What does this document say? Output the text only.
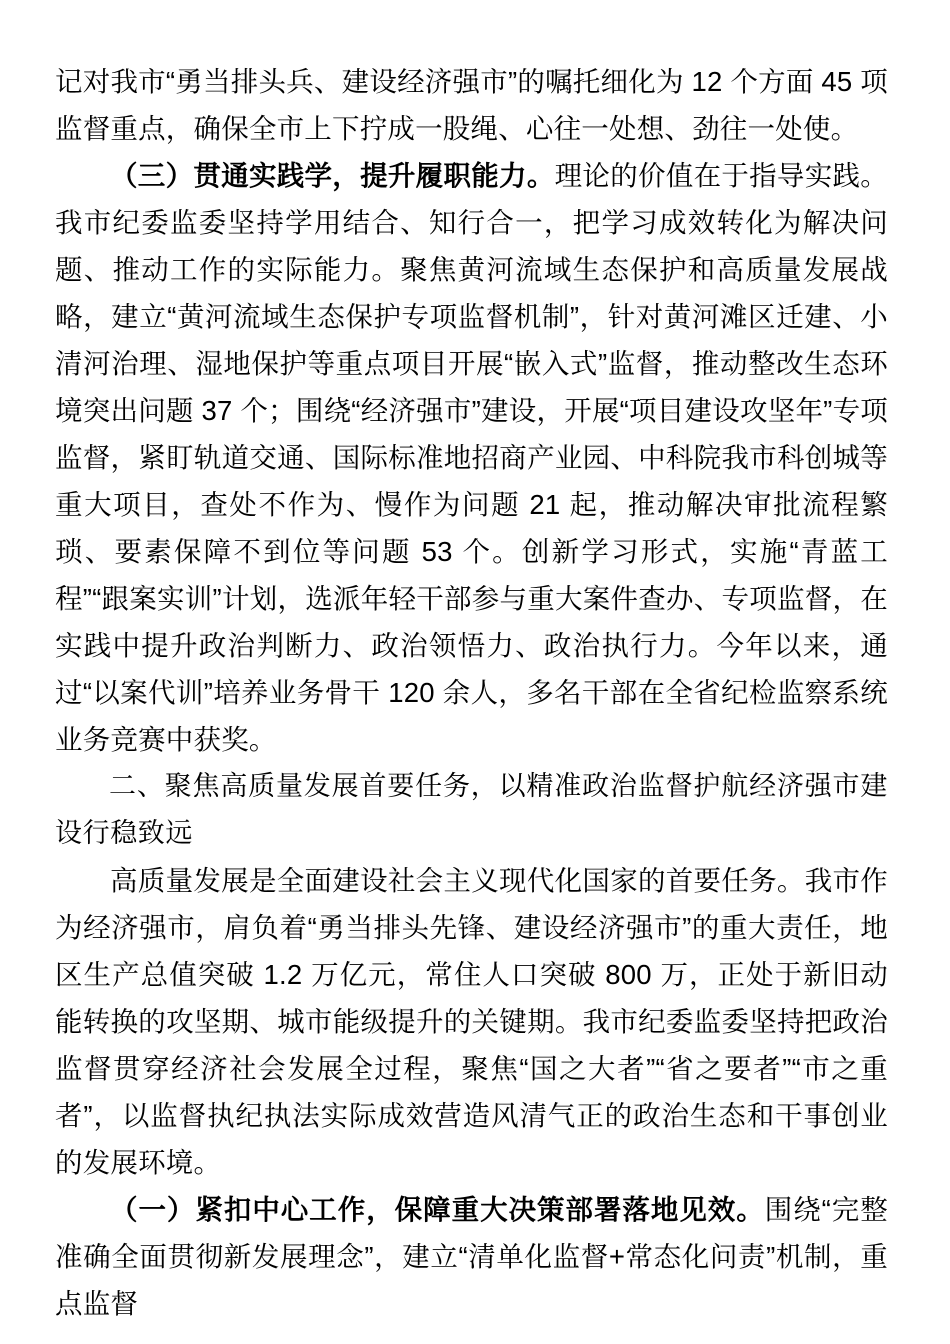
记对我市“勇当排头兵、建设经济强市”的嘱托细化为 12 个方面 45 项监督重点，确保全市上下拧成一股绳、心往一处想、劲往一处使。

（三）贯通实践学，提升履职能力。理论的价值在于指导实践。我市纪委监委坚持学用结合、知行合一，把学习成效转化为解决问题、推动工作的实际能力。聚焦黄河流域生态保护和高质量发展战略，建立“黄河流域生态保护专项监督机制”，针对黄河滩区迁建、小清河治理、湿地保护等重点项目开展“嵌入式”监督，推动整改生态环境突出问题 37 个；围绕“经济强市”建设，开展“项目建设攻坚年”专项监督，紧盯轨道交通、国际标准地招商产业园、中科院我市科创城等重大项目，查处不作为、慢作为问题 21 起，推动解决审批流程繁琐、要素保障不到位等问题 53 个。创新学习形式，实施“青蓝工程”“跟案实训”计划，选派年轻干部参与重大案件查办、专项监督，在实践中提升政治判断力、政治领悟力、政治执行力。今年以来，通过“以案代训”培养业务骨干 120 余人，多名干部在全省纪检监察系统业务竞赛中获奖。

二、聚焦高质量发展首要任务，以精准政治监督护航经济强市建设行稳致远

高质量发展是全面建设社会主义现代化国家的首要任务。我市作为经济强市，肩负着“勇当排头先锋、建设经济强市”的重大责任，地区生产总值突破 1.2 万亿元，常住人口突破 800 万，正处于新旧动能转换的攻坚期、城市能级提升的关键期。我市纪委监委坚持把政治监督贯穿经济社会发展全过程，聚焦“国之大者”“省之要者”“市之重者”，以监督执纪执法实际成效营造风清气正的政治生态和干事创业的发展环境。

（一）紧扣中心工作，保障重大决策部署落地见效。围绕“完整准确全面贯彻新发展理念”，建立“清单化监督+常态化问责”机制，重点监督
